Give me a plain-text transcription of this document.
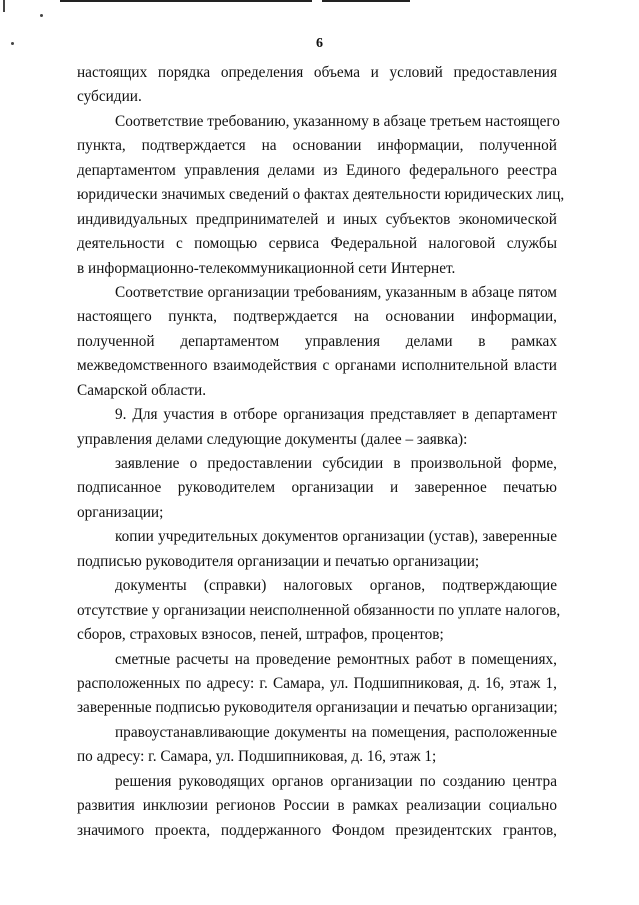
6
настоящих порядка определения объема и условий предоставления
субсидии.
Соответствие требованию, указанному в абзаце третьем настоящего
пункта, подтверждается на основании информации, полученной
департаментом управления делами из Единого федерального реестра
юридически значимых сведений о фактах деятельности юридических лиц,
индивидуальных предпринимателей и иных субъектов экономической
деятельности с помощью сервиса Федеральной налоговой службы
в информационно-телекоммуникационной сети Интернет.
Соответствие организации требованиям, указанным в абзаце пятом
настоящего пункта, подтверждается на основании информации,
полученной департаментом управления делами в рамках
межведомственного взаимодействия с органами исполнительной власти
Самарской области.
9. Для участия в отборе организация представляет в департамент
управления делами следующие документы (далее – заявка):
заявление о предоставлении субсидии в произвольной форме,
подписанное руководителем организации и заверенное печатью
организации;
копии учредительных документов организации (устав), заверенные
подписью руководителя организации и печатью организации;
документы (справки) налоговых органов, подтверждающие
отсутствие у организации неисполненной обязанности по уплате налогов,
сборов, страховых взносов, пеней, штрафов, процентов;
сметные расчеты на проведение ремонтных работ в помещениях,
расположенных по адресу: г. Самара, ул. Подшипниковая, д. 16, этаж 1,
заверенные подписью руководителя организации и печатью организации;
правоустанавливающие документы на помещения, расположенные
по адресу: г. Самара, ул. Подшипниковая, д. 16, этаж 1;
решения руководящих органов организации по созданию центра
развития инклюзии регионов России в рамках реализации социально
значимого проекта, поддержанного Фондом президентских грантов,
